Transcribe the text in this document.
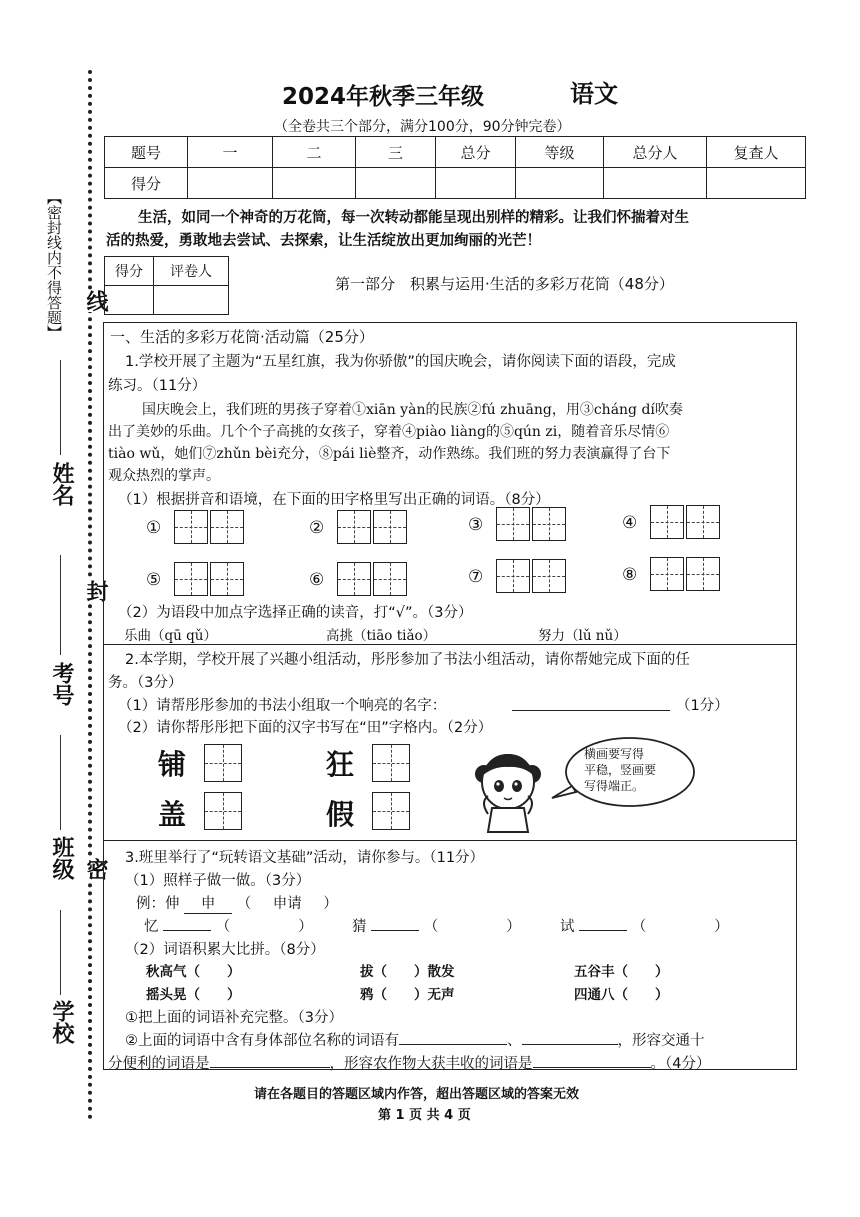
【密封线内不得答题】 线
封
密
姓名
考号
班级
学校
2024年秋季三年级	语文
（全卷共三个部分，满分100分，90分钟完卷）
题号	一	二	三	总分	等级	总分人	复查人
得分							
生活，如同一个神奇的万花筒，每一次转动都能呈现出别样的精彩。让我们怀揣着对生
活的热爱，勇敢地去尝试、去探索，让生活绽放出更加绚丽的光芒！
得分	评卷人

第一部分　积累与运用·生活的多彩万花筒（48分）
一、生活的多彩万花筒·活动篇（25分）
1.学校开展了主题为“五星红旗，我为你骄傲”的国庆晚会，请你阅读下面的语段，完成
练习。（11分）
国庆晚会上，我们班的男孩子穿着①xiān yàn的民族②fú zhuāng，用③cháng dí吹奏
出了美妙的乐曲。几个个子高挑的女孩子，穿着④piào liàng的⑤qún zi，随着音乐尽情⑥
tiào wǔ，她们⑦zhǔn bèi充分，⑧pái liè整齐，动作熟练。我们班的努力表演赢得了台下
观众热烈的掌声。
（1）根据拼音和语境，在下面的田字格里写出正确的词语。（8分）
①	②	③	④
⑤	⑥	⑦	⑧
（2）为语段中加点字选择正确的读音，打“√”。（3分）
乐曲（qū qǔ）	高挑（tiāo tiǎo）	努力（lǔ nǔ）
2.本学期，学校开展了兴趣小组活动，彤彤参加了书法小组活动，请你帮她完成下面的任
务。（3分）
（1）请帮彤彤参加的书法小组取一个响亮的名字：	（1分）
（2）请你帮彤彤把下面的汉字书写在“田”字格内。（2分）
铺	狂
盖	假
横画要写得
平稳，竖画要
写得端正。
3.班里举行了“玩转语文基础”活动，请你参与。（11分）
（1）照样子做一做。（3分）
例：伸 申 （ 申请 ）
忆	（	）	猜	（	）	试	（	）
（2）词语积累大比拼。（8分）
秋高气（　　）	拔（　　）散发	五谷丰（　　）
摇头晃（　　）	鸦（　　）无声	四通八（　　）
①把上面的词语补充完整。（3分）
②上面的词语中含有身体部位名称的词语有	、	，形容交通十
分便利的词语是	，形容农作物大获丰收的词语是	。（4分）
请在各题目的答题区域内作答，超出答题区域的答案无效
第 1 页 共 4 页
